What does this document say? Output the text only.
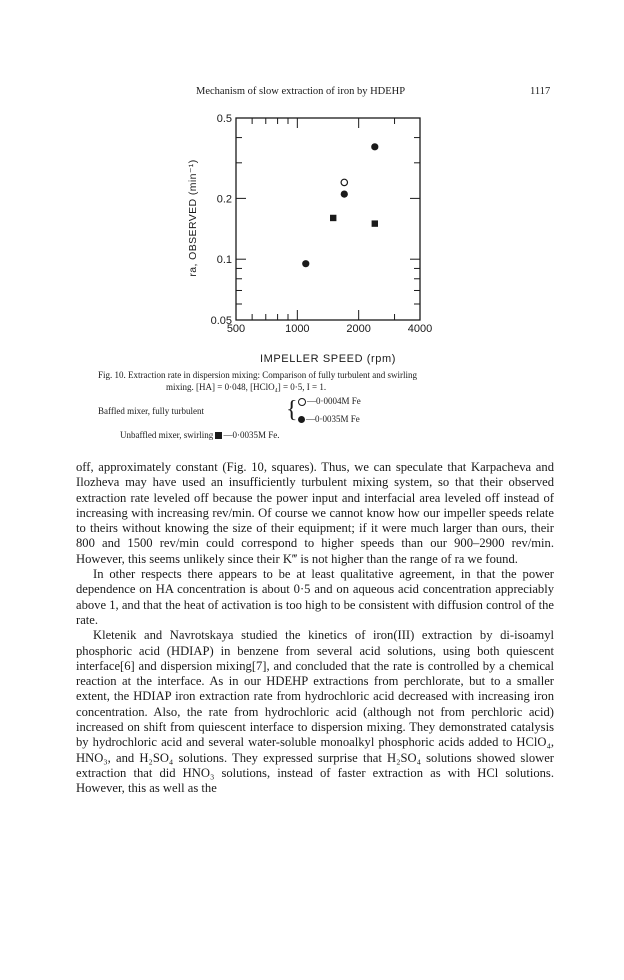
Mechanism of slow extraction of iron by HDEHP	1117
500	1000	2000	4000
0.5
0.2
0.1
0.05
IMPELLER SPEED (rpm)
ra, OBSERVED (min⁻¹)
Fig. 10. Extraction rate in dispersion mixing: Comparison of fully turbulent and swirling
mixing. [HA] = 0·048, [HClO₄] = 0·5, I = 1.
Baffled mixer, fully turbulent	{	—0·0004M Fe
—0·0035M Fe
Unbaffled mixer, swirling —0·0035M Fe.

off, approximately constant (Fig. 10, squares). Thus, we can speculate that Karpacheva and Ilozheva may have used an insufficiently turbulent mixing system, so that their observed extraction rate leveled off because the power input and interfacial area leveled off instead of increasing with increasing rev/min. Of course we cannot know how our impeller speeds relate to theirs without knowing the size of their equipment; if it were much larger than ours, their 800 and 1500 rev/min could correspond to higher speeds than our 900–2900 rev/min. However, this seems unlikely since their K‴ is not higher than the range of ra we found.

In other respects there appears to be at least qualitative agreement, in that the power dependence on HA concentration is about 0·5 and on aqueous acid concentration appreciably above 1, and that the heat of activation is too high to be consistent with diffusion control of the rate.

Kletenik and Navrotskaya studied the kinetics of iron(III) extraction by di-isoamyl phosphoric acid (HDIAP) in benzene from several acid solutions, using both quiescent interface[6] and dispersion mixing[7], and concluded that the rate is controlled by a chemical reaction at the interface. As in our HDEHP extractions from perchlorate, but to a smaller extent, the HDIAP iron extraction rate from hydrochloric acid decreased with increasing iron concentration. Also, the rate from hydrochloric acid (although not from perchloric acid) increased on shift from quiescent interface to dispersion mixing. They demonstrated catalysis by hydrochloric acid and several water-soluble monoalkyl phosphoric acids added to HClO₄, HNO₃, and H₂SO₄ solutions. They expressed surprise that H₂SO₄ solutions showed slower extraction that did HNO₃ solutions, instead of faster extraction as with HCl solutions. However, this as well as the
